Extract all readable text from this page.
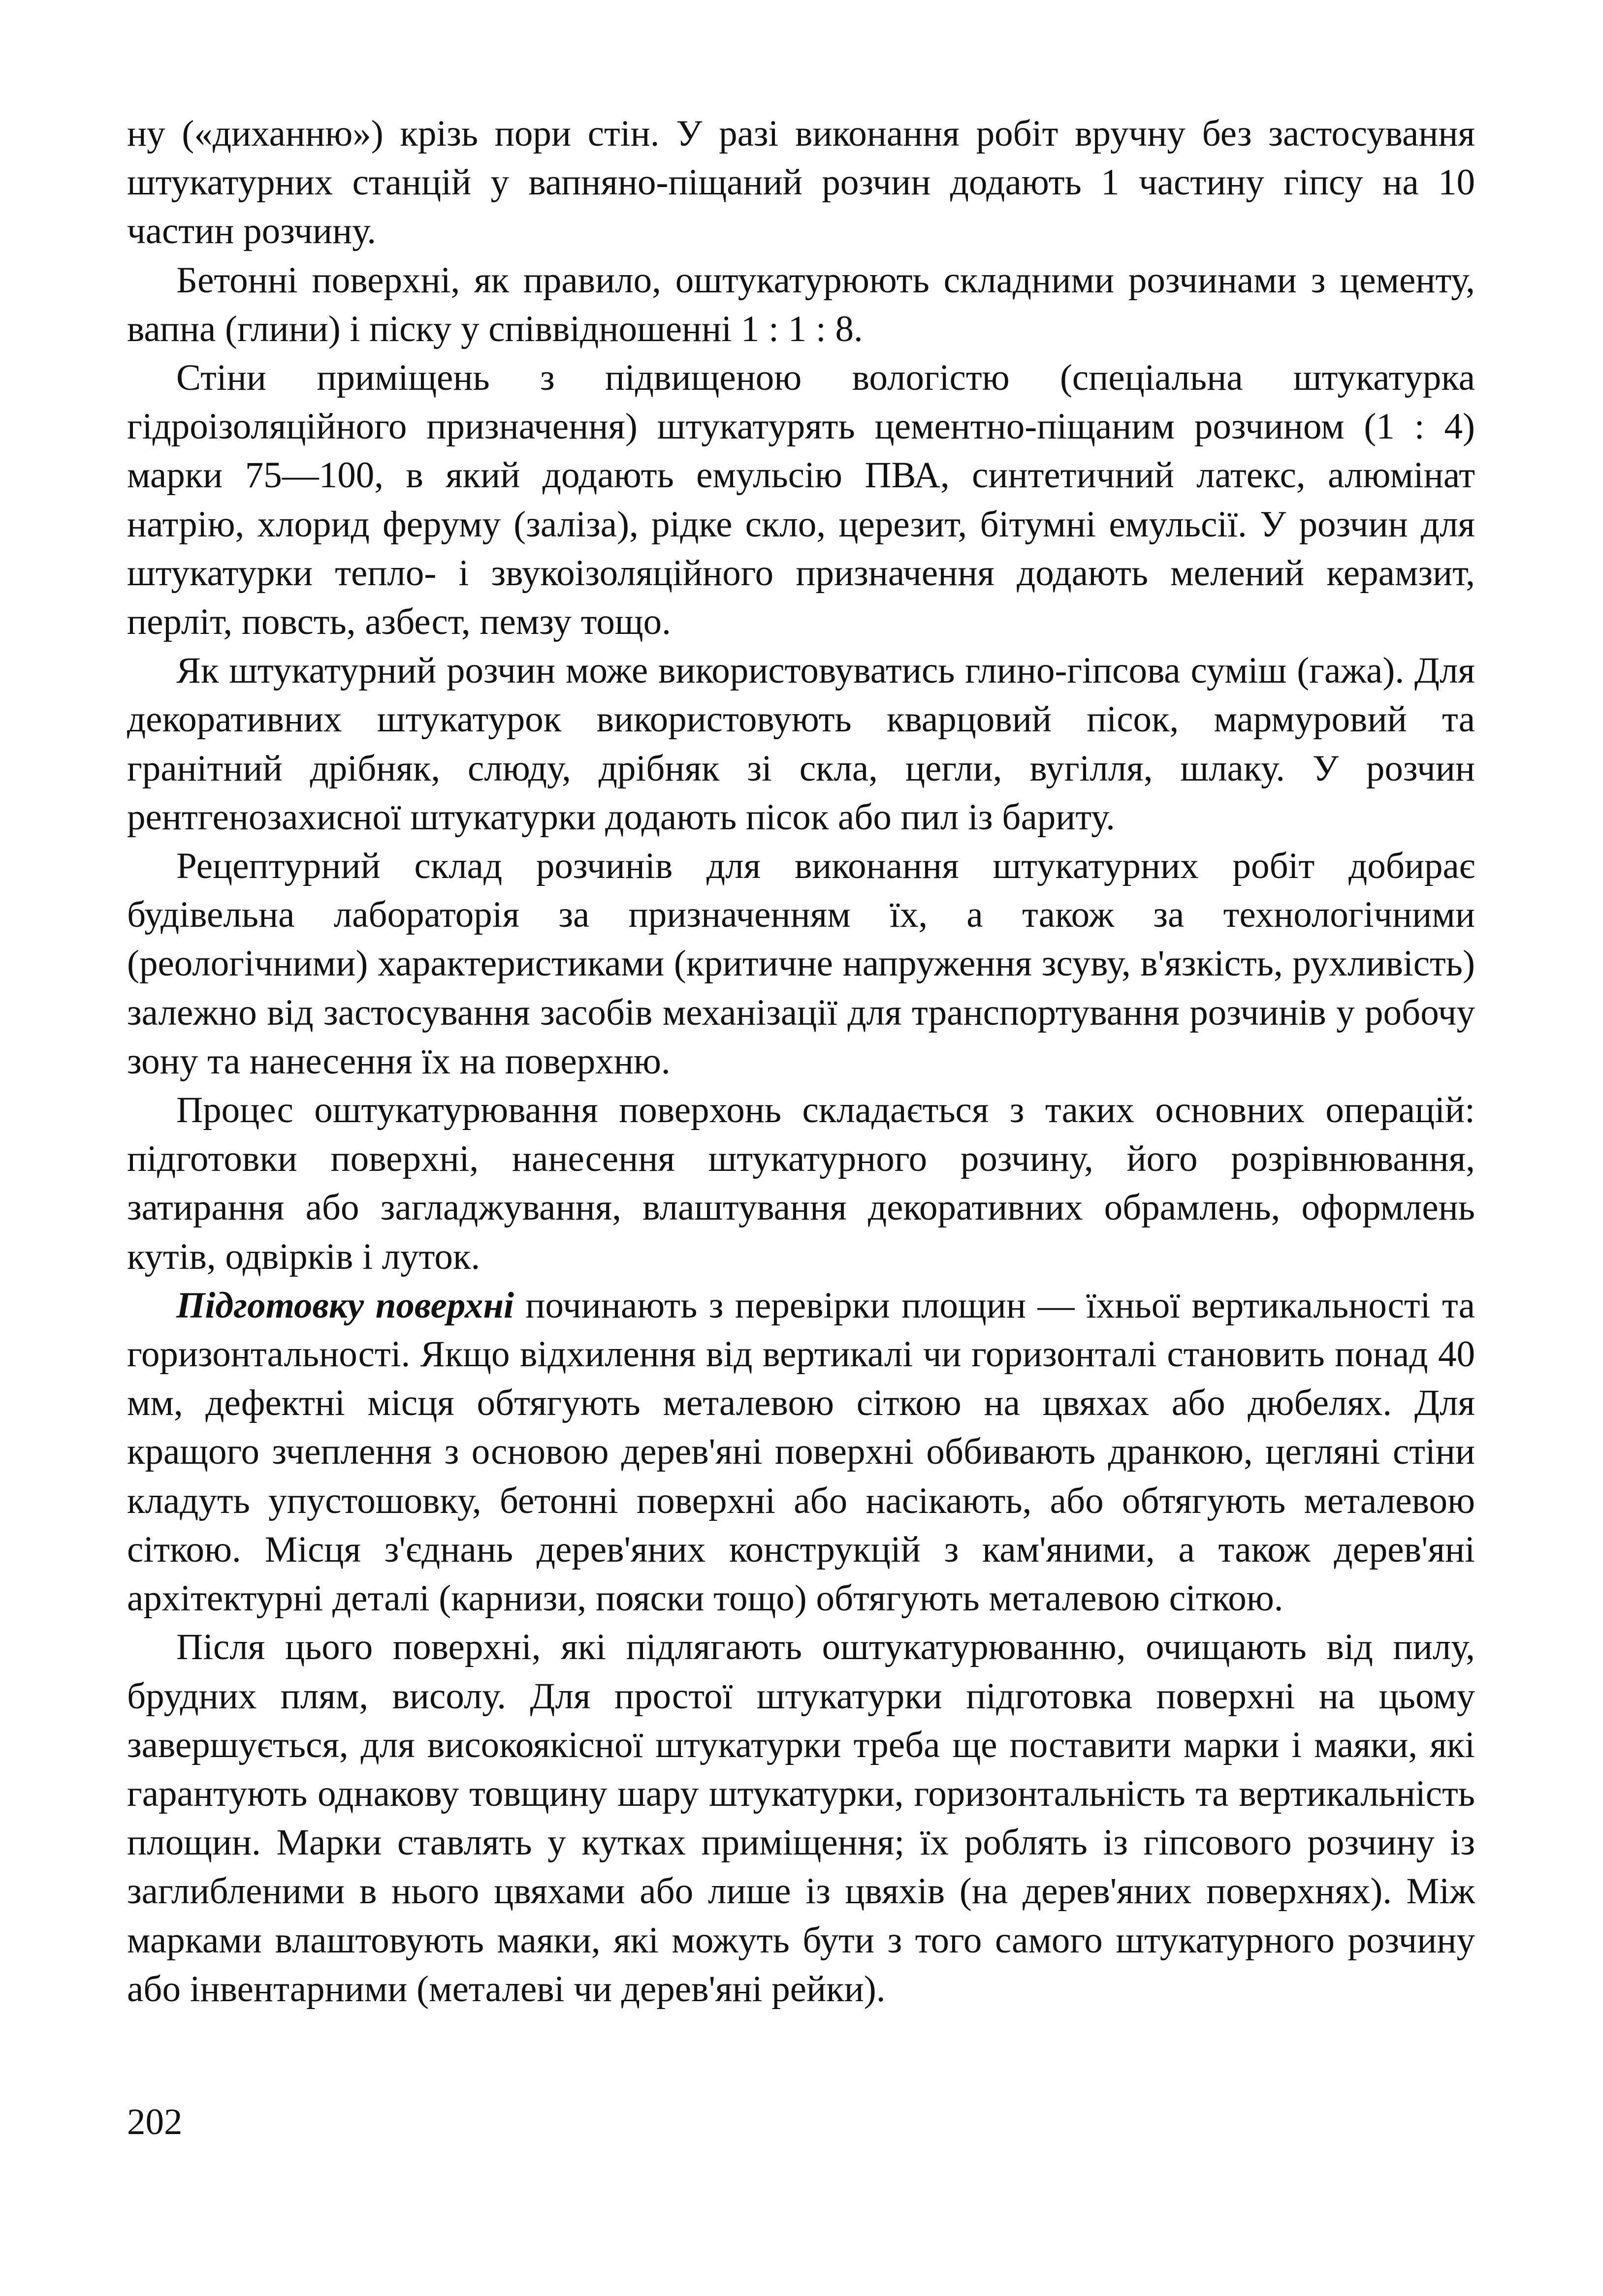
ну («диханню») крізь пори стін. У разі виконання робіт вручну без застосування штукатурних станцій у вапняно-піщаний розчин додають 1 частину гіпсу на 10 частин розчину.

Бетонні поверхні, як правило, оштукатурюють складними розчинами з цементу, вапна (глини) і піску у співвідношенні 1 : 1 : 8.

Стіни приміщень з підвищеною вологістю (спеціальна штукатурка гідроізоляційного призначення) штукатурять цементно-піщаним розчином (1 : 4) марки 75—100, в який додають емульсію ПВА, синтетичний латекс, алюмінат натрію, хлорид феруму (заліза), рідке скло, церезит, бітумні емульсії. У розчин для штукатурки тепло- і звукоізоляційного призначення додають мелений керамзит, перліт, повсть, азбест, пемзу тощо.

Як штукатурний розчин може використовуватись глино-гіпсова суміш (гажа). Для декоративних штукатурок використовують кварцовий пісок, мармуровий та гранітний дрібняк, слюду, дрібняк зі скла, цегли, вугілля, шлаку. У розчин рентгенозахисної штукатурки додають пісок або пил із бариту.

Рецептурний склад розчинів для виконання штукатурних робіт добирає будівельна лабораторія за призначенням їх, а також за технологічними (реологічними) характеристиками (критичне напруження зсуву, в'язкість, рухливість) залежно від застосування засобів механізації для транспортування розчинів у робочу зону та нанесення їх на поверхню.

Процес оштукатурювання поверхонь складається з таких основних операцій: підготовки поверхні, нанесення штукатурного розчину, його розрівнювання, затирання або загладжування, влаштування декоративних обрамлень, оформлень кутів, одвірків і луток.

Підготовку поверхні починають з перевірки площин — їхньої вертикальності та горизонтальності. Якщо відхилення від вертикалі чи горизонталі становить понад 40 мм, дефектні місця обтягують металевою сіткою на цвяхах або дюбелях. Для кращого зчеплення з основою дерев'яні поверхні оббивають дранкою, цегляні стіни кладуть упустошовку, бетонні поверхні або насікають, або обтягують металевою сіткою. Місця з'єднань дерев'яних конструкцій з кам'яними, а також дерев'яні архітектурні деталі (карнизи, пояски тощо) обтягують металевою сіткою.

Після цього поверхні, які підлягають оштукатурюванню, очищають від пилу, брудних плям, висолу. Для простої штукатурки підготовка поверхні на цьому завершується, для високоякісної штукатурки треба ще поставити марки і маяки, які гарантують однакову товщину шару штукатурки, горизонтальність та вертикальність площин. Марки ставлять у кутках приміщення; їх роблять із гіпсового розчину із заглибленими в нього цвяхами або лише із цвяхів (на дерев'яних поверхнях). Між марками влаштовують маяки, які можуть бути з того самого штукатурного розчину або інвентарними (металеві чи дерев'яні рейки).

202
